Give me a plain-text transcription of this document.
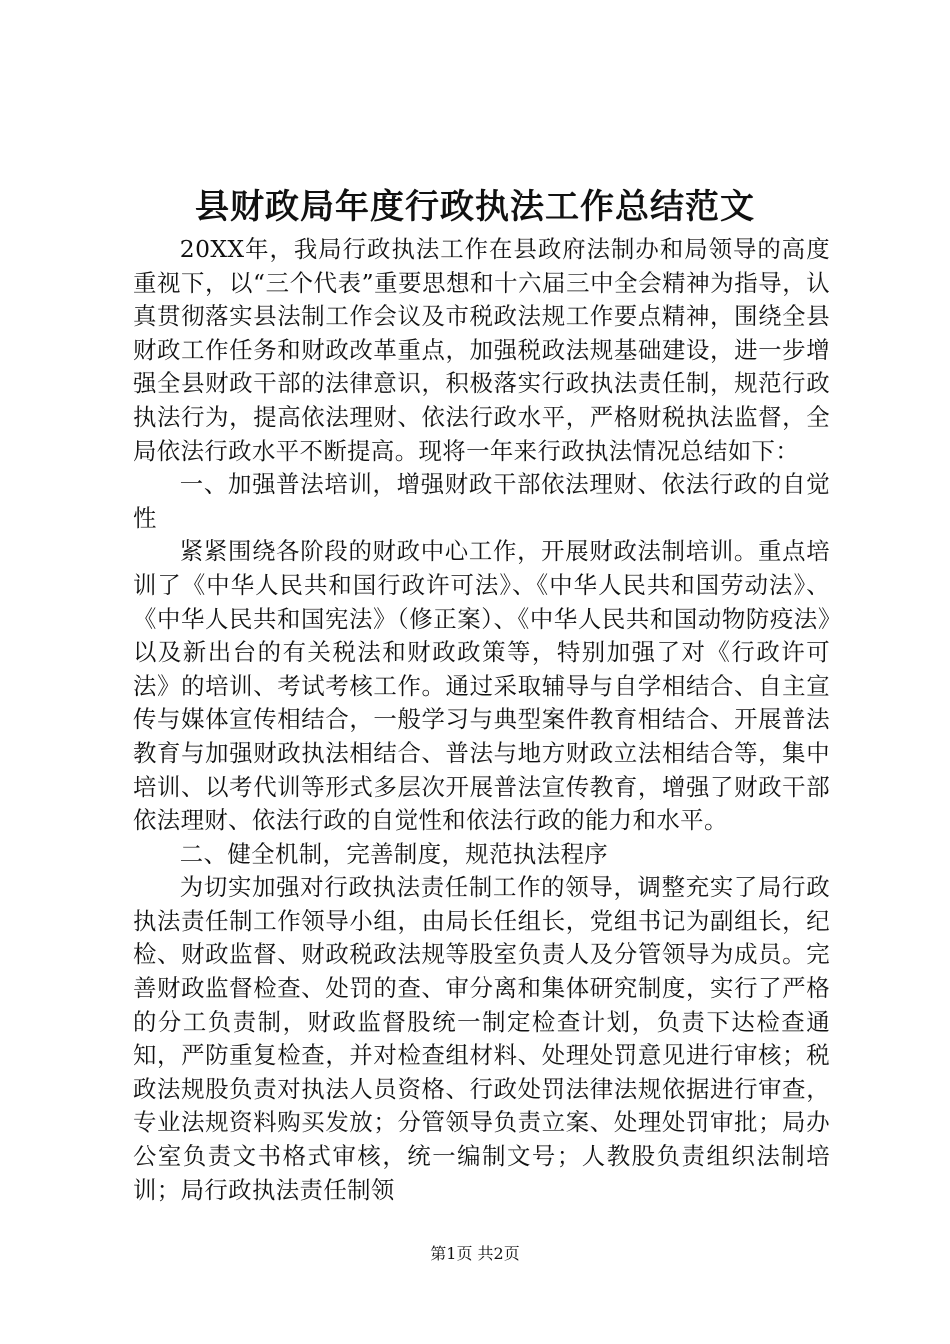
县财政局年度行政执法工作总结范文

20XX年，我局行政执法工作在县政府法制办和局领导的高度重视下，以“三个代表”重要思想和十六届三中全会精神为指导，认真贯彻落实县法制工作会议及市税政法规工作要点精神，围绕全县财政工作任务和财政改革重点，加强税政法规基础建设，进一步增强全县财政干部的法律意识，积极落实行政执法责任制，规范行政执法行为，提高依法理财、依法行政水平，严格财税执法监督，全局依法行政水平不断提高。现将一年来行政执法情况总结如下：

一、加强普法培训，增强财政干部依法理财、依法行政的自觉性

紧紧围绕各阶段的财政中心工作，开展财政法制培训。重点培训了《中华人民共和国行政许可法》、《中华人民共和国劳动法》、《中华人民共和国宪法》（修正案）、《中华人民共和国动物防疫法》以及新出台的有关税法和财政政策等，特别加强了对《行政许可法》的培训、考试考核工作。通过采取辅导与自学相结合、自主宣传与媒体宣传相结合，一般学习与典型案件教育相结合、开展普法教育与加强财政执法相结合、普法与地方财政立法相结合等，集中培训、以考代训等形式多层次开展普法宣传教育，增强了财政干部依法理财、依法行政的自觉性和依法行政的能力和水平。

二、健全机制，完善制度，规范执法程序

为切实加强对行政执法责任制工作的领导，调整充实了局行政执法责任制工作领导小组，由局长任组长，党组书记为副组长，纪检、财政监督、财政税政法规等股室负责人及分管领导为成员。完善财政监督检查、处罚的查、审分离和集体研究制度，实行了严格的分工负责制，财政监督股统一制定检查计划，负责下达检查通知，严防重复检查，并对检查组材料、处理处罚意见进行审核；税政法规股负责对执法人员资格、行政处罚法律法规依据进行审查，专业法规资料购买发放；分管领导负责立案、处理处罚审批；局办公室负责文书格式审核，统一编制文号；人教股负责组织法制培训；局行政执法责任制领

第1页 共2页
